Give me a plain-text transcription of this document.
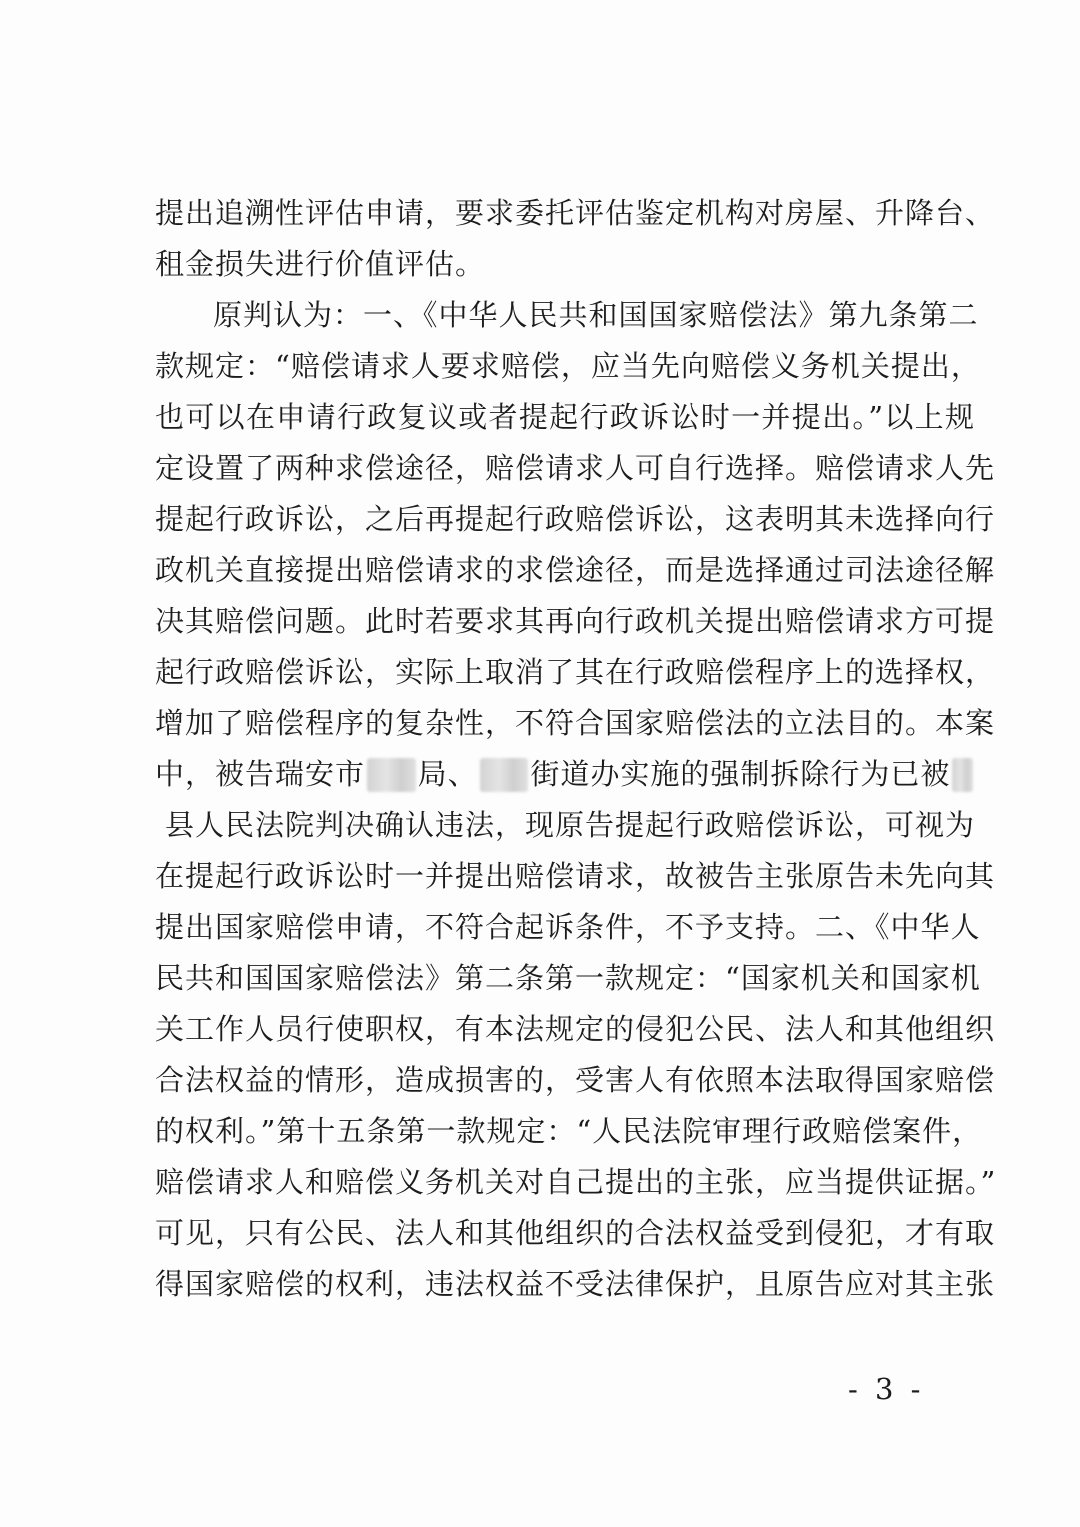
提出追溯性评估申请，要求委托评估鉴定机构对房屋、升降台、
租金损失进行价值评估。
原判认为：一、《中华人民共和国国家赔偿法》第九条第二
款规定：“赔偿请求人要求赔偿，应当先向赔偿义务机关提出，
也可以在申请行政复议或者提起行政诉讼时一并提出。”以上规
定设置了两种求偿途径，赔偿请求人可自行选择。赔偿请求人先
提起行政诉讼，之后再提起行政赔偿诉讼，这表明其未选择向行
政机关直接提出赔偿请求的求偿途径，而是选择通过司法途径解
决其赔偿问题。此时若要求其再向行政机关提出赔偿请求方可提
起行政赔偿诉讼，实际上取消了其在行政赔偿程序上的选择权，
增加了赔偿程序的复杂性，不符合国家赔偿法的立法目的。本案
中，被告瑞安市 局、 街道办实施的强制拆除行为已被
县人民法院判决确认违法，现原告提起行政赔偿诉讼，可视为
在提起行政诉讼时一并提出赔偿请求，故被告主张原告未先向其
提出国家赔偿申请，不符合起诉条件，不予支持。二、《中华人
民共和国国家赔偿法》第二条第一款规定：“国家机关和国家机
关工作人员行使职权，有本法规定的侵犯公民、法人和其他组织
合法权益的情形，造成损害的，受害人有依照本法取得国家赔偿
的权利。”第十五条第一款规定：“人民法院审理行政赔偿案件，
赔偿请求人和赔偿义务机关对自己提出的主张，应当提供证据。”
可见，只有公民、法人和其他组织的合法权益受到侵犯，才有取
得国家赔偿的权利，违法权益不受法律保护，且原告应对其主张
- 3 -
